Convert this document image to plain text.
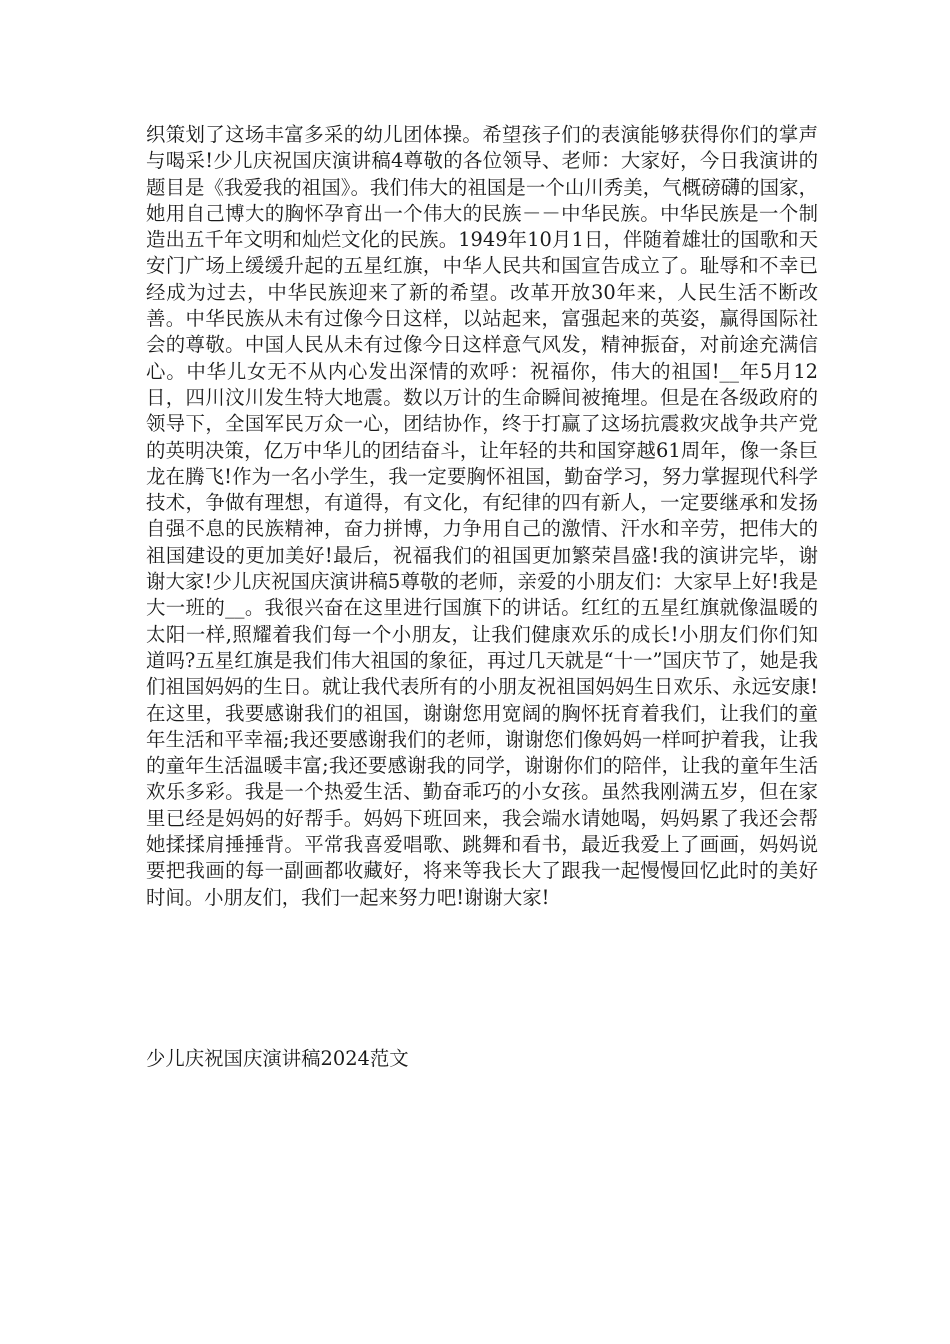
织策划了这场丰富多采的幼儿团体操。希望孩子们的表演能够获得你们的掌声与喝采!少儿庆祝国庆演讲稿4尊敬的各位领导、老师：大家好，今日我演讲的题目是《我爱我的祖国》。我们伟大的祖国是一个山川秀美，气概磅礴的国家，她用自己博大的胸怀孕育出一个伟大的民族－－中华民族。中华民族是一个制造出五千年文明和灿烂文化的民族。1949年10月1日，伴随着雄壮的国歌和天安门广场上缓缓升起的五星红旗，中华人民共和国宣告成立了。耻辱和不幸已经成为过去，中华民族迎来了新的希望。改革开放30年来，人民生活不断改善。中华民族从未有过像今日这样，以站起来，富强起来的英姿，赢得国际社会的尊敬。中国人民从未有过像今日这样意气风发，精神振奋，对前途充满信心。中华儿女无不从内心发出深情的欢呼：祝福你，伟大的祖国!__年5月12日，四川汶川发生特大地震。数以万计的生命瞬间被掩埋。但是在各级政府的领导下，全国军民万众一心，团结协作，终于打赢了这场抗震救灾战争共产党的英明决策，亿万中华儿的团结奋斗，让年轻的共和国穿越61周年，像一条巨龙在腾飞!作为一名小学生，我一定要胸怀祖国，勤奋学习，努力掌握现代科学技术，争做有理想，有道得，有文化，有纪律的四有新人，一定要继承和发扬自强不息的民族精神，奋力拼博，力争用自己的激情、汗水和辛劳，把伟大的祖国建设的更加美好!最后，祝福我们的祖国更加繁荣昌盛!我的演讲完毕，谢谢大家!少儿庆祝国庆演讲稿5尊敬的老师，亲爱的小朋友们：大家早上好!我是大一班的__。我很兴奋在这里进行国旗下的讲话。红红的五星红旗就像温暖的太阳一样,照耀着我们每一个小朋友，让我们健康欢乐的成长!小朋友们你们知道吗?五星红旗是我们伟大祖国的象征，再过几天就是“十一”国庆节了，她是我们祖国妈妈的生日。就让我代表所有的小朋友祝祖国妈妈生日欢乐、永远安康!在这里，我要感谢我们的祖国，谢谢您用宽阔的胸怀抚育着我们，让我们的童年生活和平幸福;我还要感谢我们的老师，谢谢您们像妈妈一样呵护着我，让我的童年生活温暖丰富;我还要感谢我的同学，谢谢你们的陪伴，让我的童年生活欢乐多彩。我是一个热爱生活、勤奋乖巧的小女孩。虽然我刚满五岁，但在家里已经是妈妈的好帮手。妈妈下班回来，我会端水请她喝，妈妈累了我还会帮她揉揉肩捶捶背。平常我喜爱唱歌、跳舞和看书，最近我爱上了画画，妈妈说要把我画的每一副画都收藏好，将来等我长大了跟我一起慢慢回忆此时的美好时间。小朋友们，我们一起来努力吧!谢谢大家!

少儿庆祝国庆演讲稿2024范文
